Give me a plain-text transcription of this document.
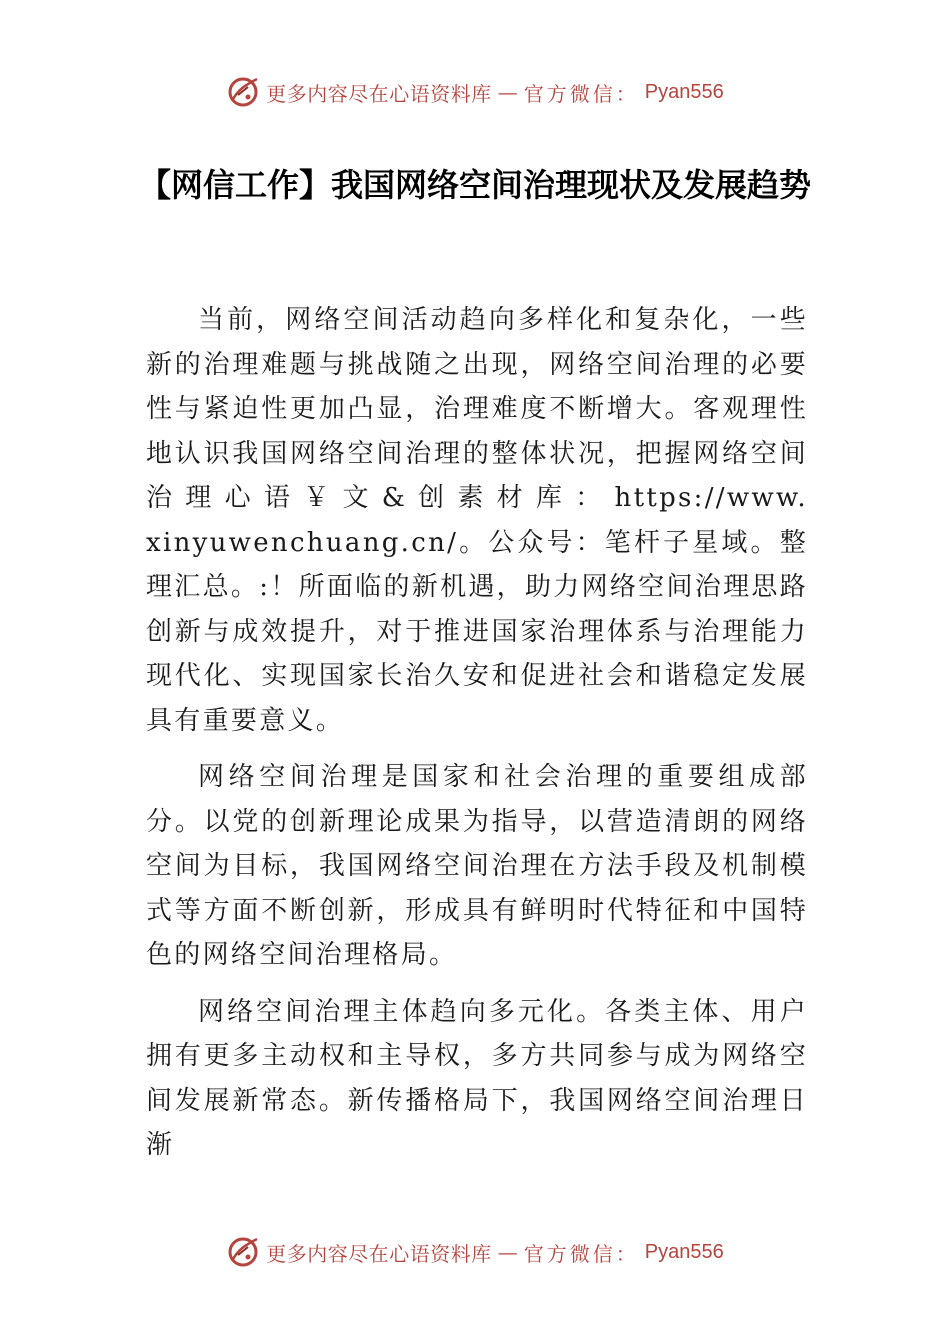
更多内容尽在心语资料库 — 官方微信： Pyan556
【网信工作】我国网络空间治理现状及发展趋势

当前，网络空间活动趋向多样化和复杂化，一些新的治理难题与挑战随之出现，网络空间治理的必要性与紧迫性更加凸显，治理难度不断增大。客观理性地认识我国网络空间治理的整体状况，把握网络空间治 理 心 语 ￥ 文 & 创 素 材 库 ： https://www.xinyuwenchuang.cn/。公众号：笔杆子星域。整理汇总。:！所面临的新机遇，助力网络空间治理思路创新与成效提升，对于推进国家治理体系与治理能力现代化、实现国家长治久安和促进社会和谐稳定发展具有重要意义。

网络空间治理是国家和社会治理的重要组成部分。以党的创新理论成果为指导，以营造清朗的网络空间为目标，我国网络空间治理在方法手段及机制模式等方面不断创新，形成具有鲜明时代特征和中国特色的网络空间治理格局。

网络空间治理主体趋向多元化。各类主体、用户拥有更多主动权和主导权，多方共同参与成为网络空间发展新常态。新传播格局下，我国网络空间治理日渐

更多内容尽在心语资料库 — 官方微信： Pyan556
